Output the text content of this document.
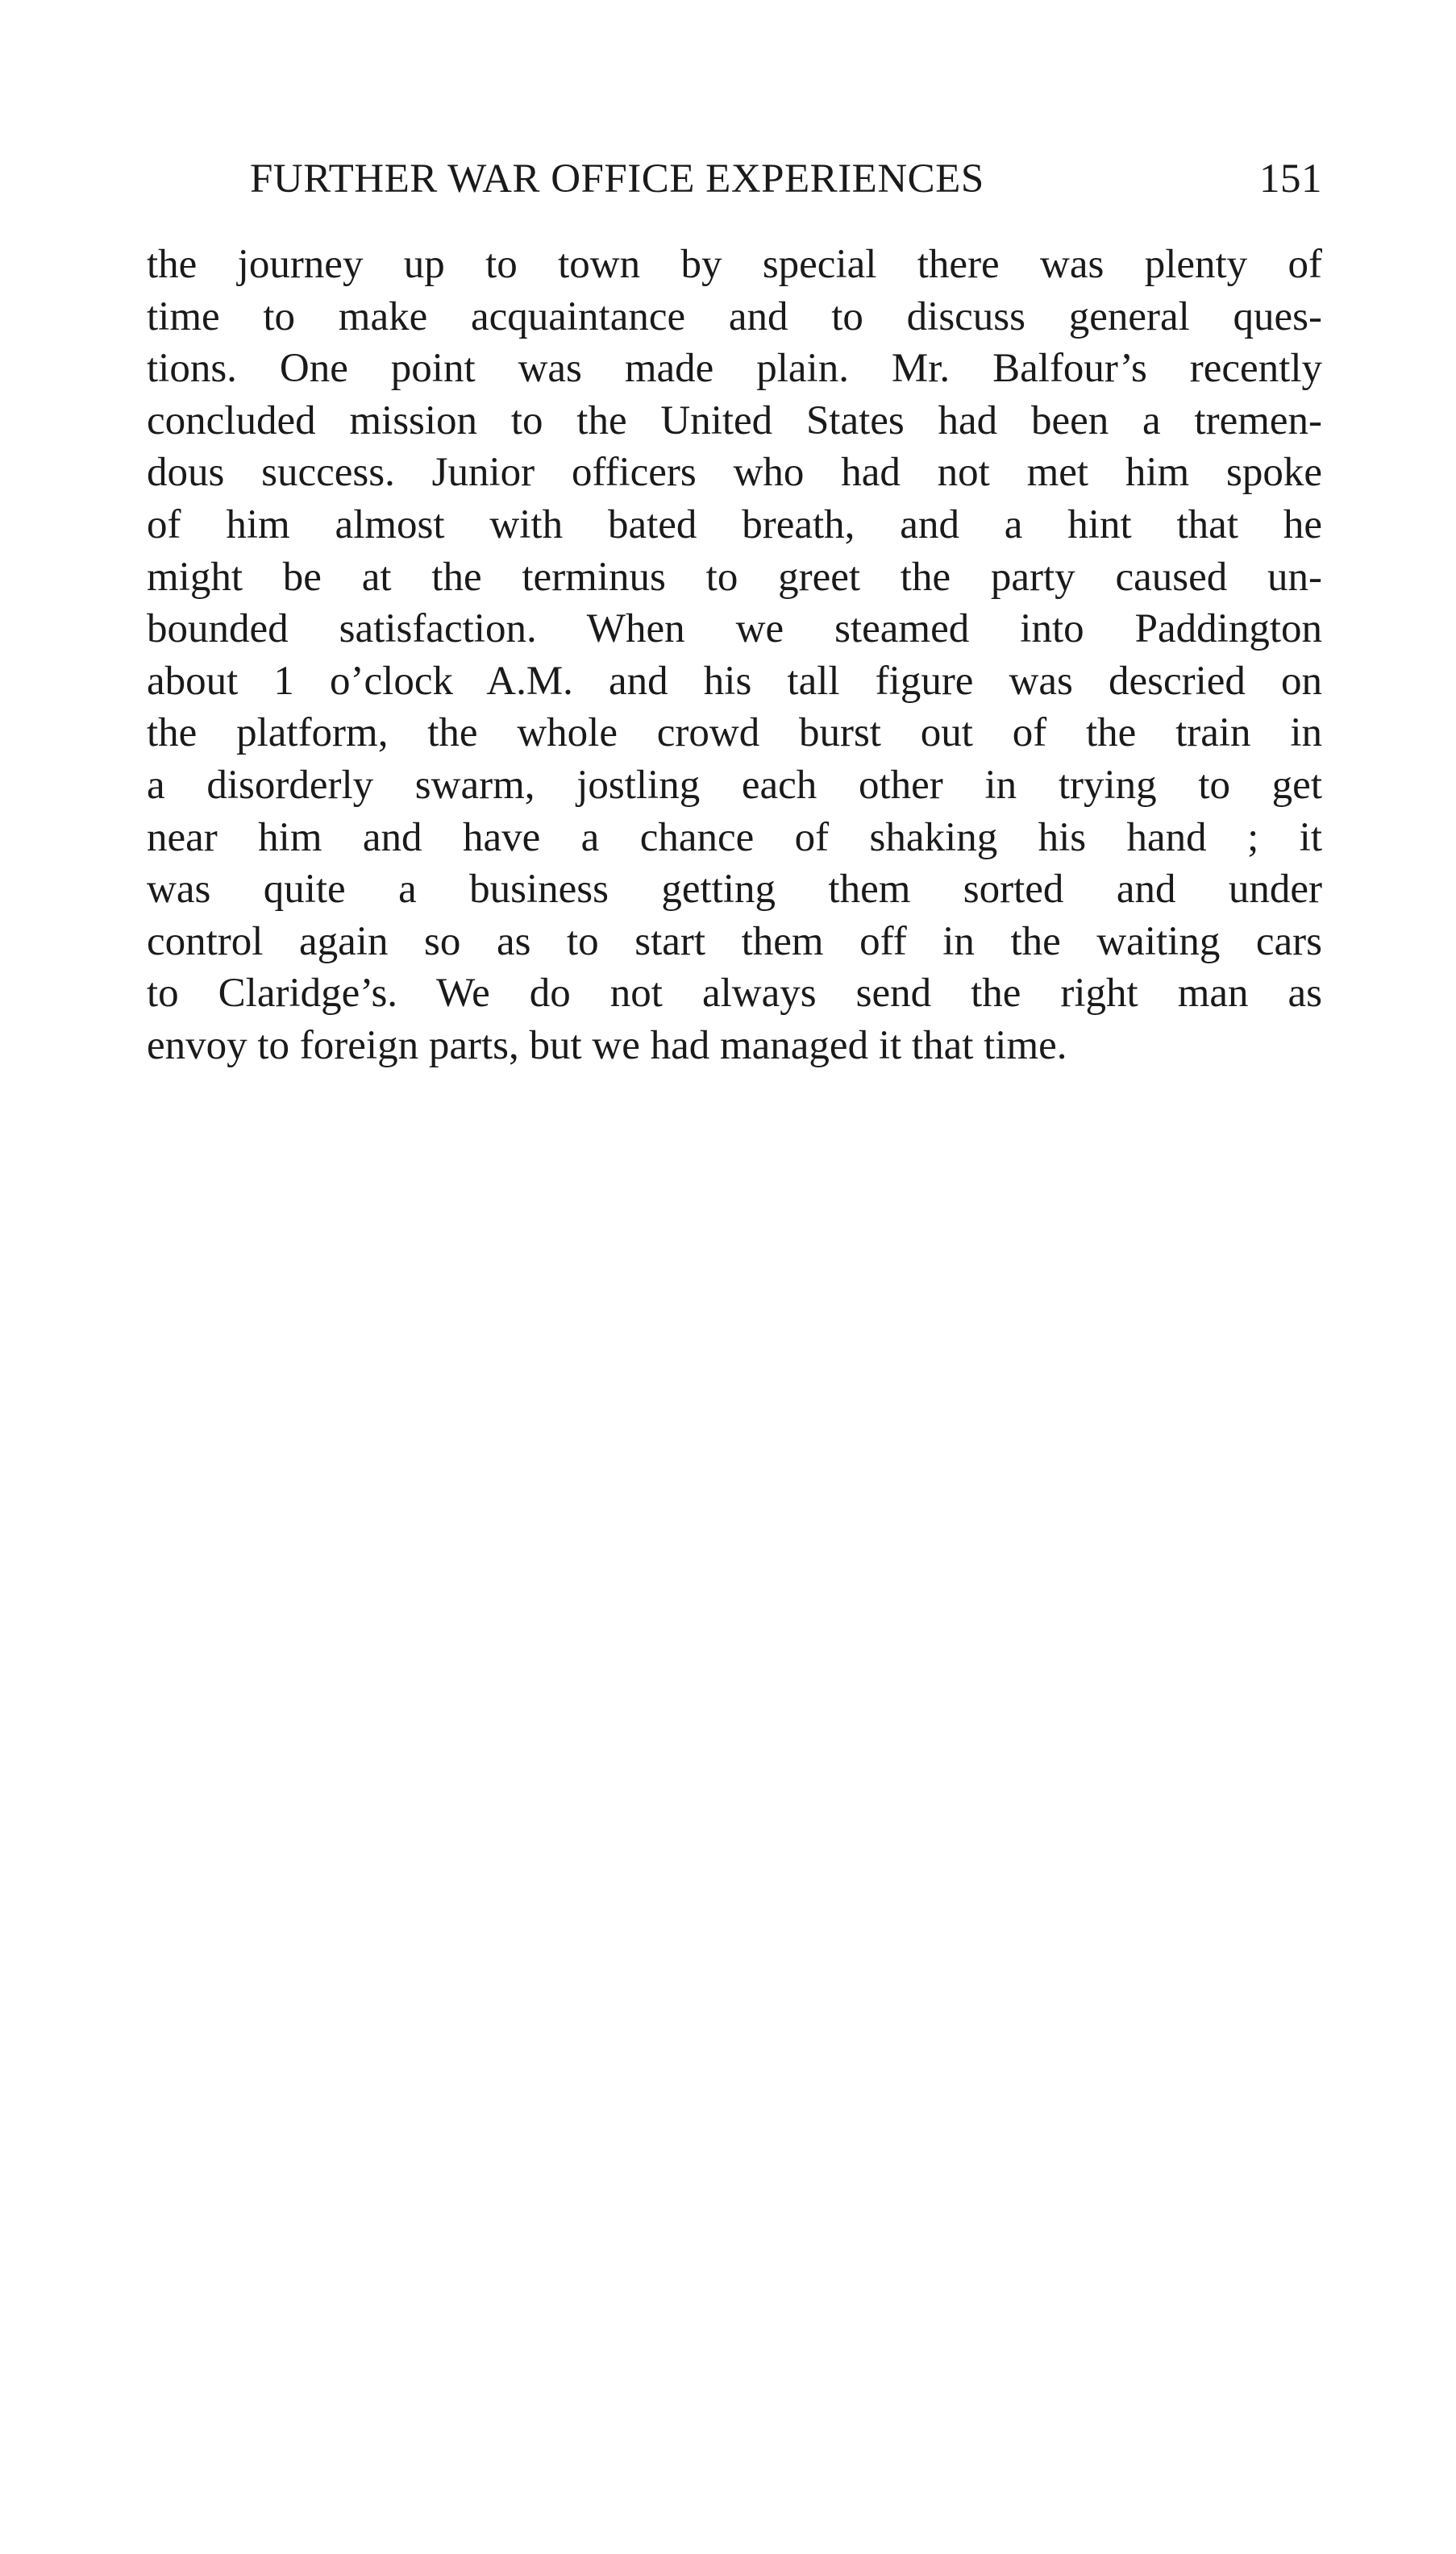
FURTHER WAR OFFICE EXPERIENCES	151
the journey up to town by special there was plenty of
time to make acquaintance and to discuss general ques-
tions. One point was made plain. Mr. Balfour’s recently
concluded mission to the United States had been a tremen-
dous success. Junior officers who had not met him spoke
of him almost with bated breath, and a hint that he
might be at the terminus to greet the party caused un-
bounded satisfaction. When we steamed into Paddington
about 1 o’clock A.M. and his tall figure was descried on
the platform, the whole crowd burst out of the train in
a disorderly swarm, jostling each other in trying to get
near him and have a chance of shaking his hand ; it
was quite a business getting them sorted and under
control again so as to start them off in the waiting cars
to Claridge’s. We do not always send the right man as
envoy to foreign parts, but we had managed it that time.
